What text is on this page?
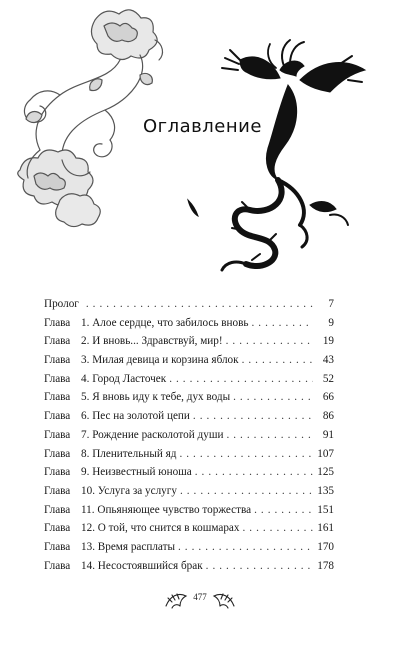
Оглавление
Пролог . . .	7
Глава 1. Алое сердце, что забилось вновь . . .	9
Глава 2. И вновь... Здравствуй, мир! . . .	19
Глава 3. Милая девица и корзина яблок . . .	43
Глава 4. Город Ласточек . . .	52
Глава 5. Я вновь иду к тебе, дух воды . . .	66
Глава 6. Пес на золотой цепи . . .	86
Глава 7. Рождение расколотой души . . .	91
Глава 8. Пленительный яд . . .	107
Глава 9. Неизвестный юноша . . .	125
Глава 10. Услуга за услугу . . .	135
Глава 11. Опьяняющее чувство торжества . . .	151
Глава 12. О той, что снится в кошмарах . . .	161
Глава 13. Время расплаты . . .	170
Глава 14. Несостоявшийся брак . . .	178
477
